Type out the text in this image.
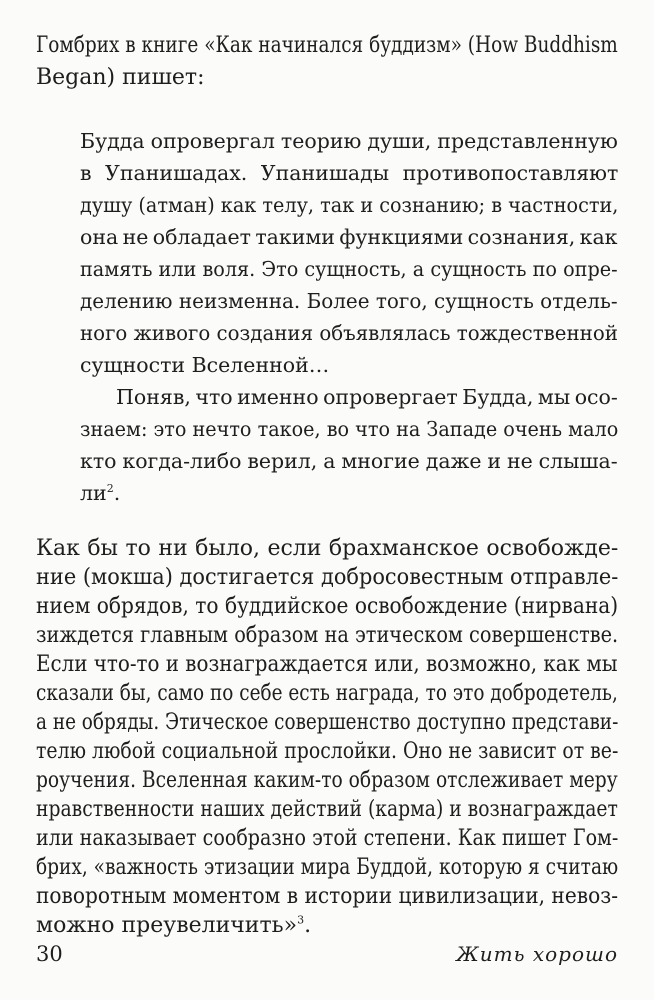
Гомбрих в книге «Как начинался буддизм» (How Buddhism
Began) пишет:
Будда опровергал теорию души, представленную
в Упанишадах. Упанишады противопоставляют
душу (атман) как телу, так и сознанию; в частности,
она не обладает такими функциями сознания, как
память или воля. Это сущность, а сущность по опре-
делению неизменна. Более того, сущность отдель-
ного живого создания объявлялась тождественной
сущности Вселенной…
Поняв, что именно опровергает Будда, мы осо-
знаем: это нечто такое, во что на Западе очень мало
кто когда-либо верил, а многие даже и не слыша-
ли$^2$.
Как бы то ни было, если брахманское освобожде-
ние (мокша) достигается добросовестным отправле-
нием обрядов, то буддийское освобождение (нирвана)
зиждется главным образом на этическом совершенстве.
Если что-то и вознаграждается или, возможно, как мы
сказали бы, само по себе есть награда, то это добродетель,
а не обряды. Этическое совершенство доступно представи-
телю любой социальной прослойки. Оно не зависит от ве-
роучения. Вселенная каким-то образом отслеживает меру
нравственности наших действий (карма) и вознаграждает
или наказывает сообразно этой степени. Как пишет Гом-
брих, «важность этизации мира Буддой, которую я считаю
поворотным моментом в истории цивилизации, невоз-
можно преувеличить»$^3$.
30	Жить хорошо
